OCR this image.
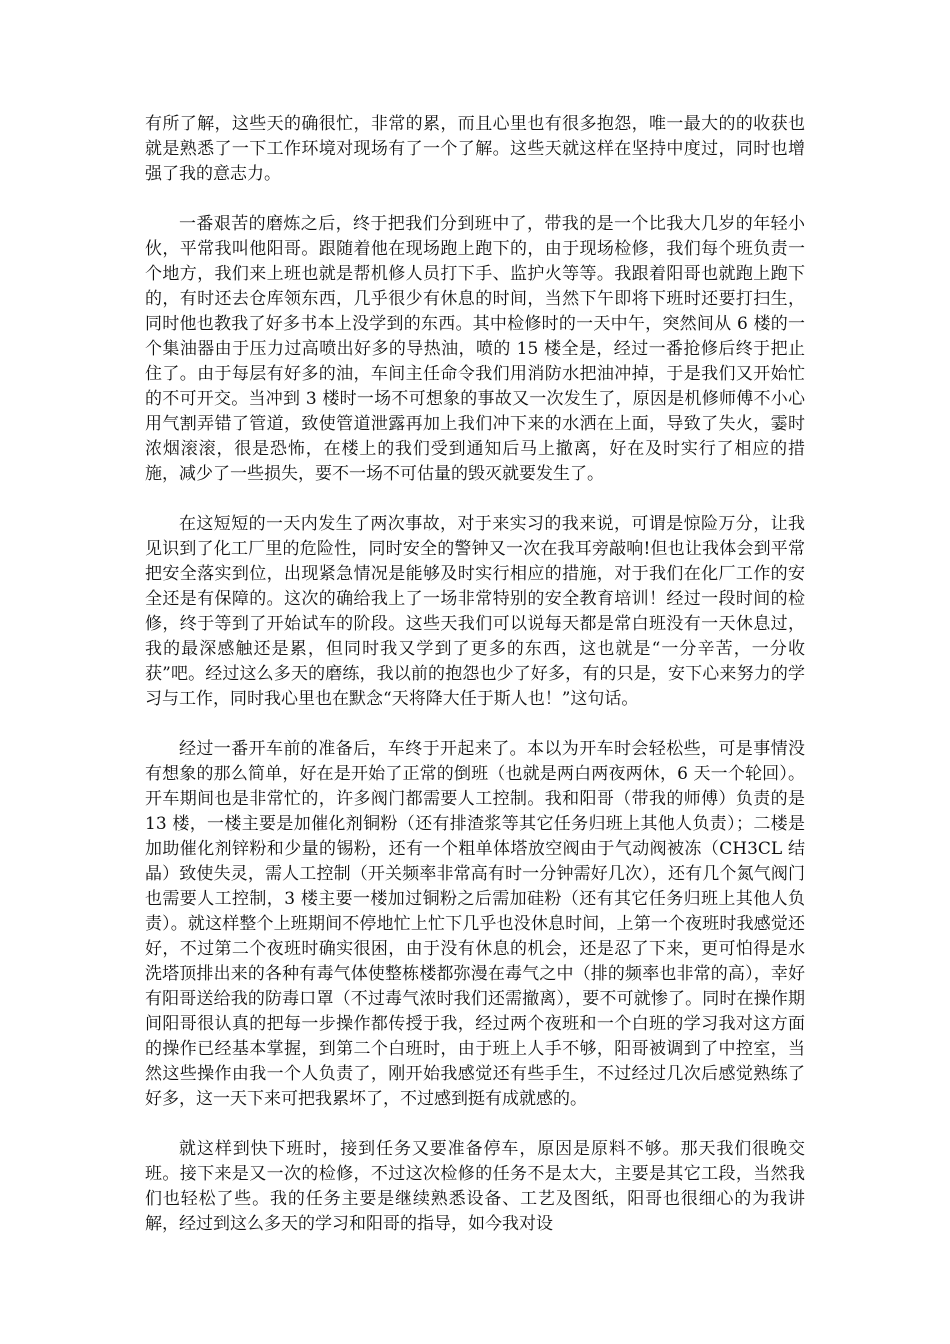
有所了解，这些天的确很忙，非常的累，而且心里也有很多抱怨，唯一最大的的收获也就是熟悉了一下工作环境对现场有了一个了解。这些天就这样在坚持中度过，同时也增强了我的意志力。

一番艰苦的磨炼之后，终于把我们分到班中了，带我的是一个比我大几岁的年轻小伙，平常我叫他阳哥。跟随着他在现场跑上跑下的，由于现场检修，我们每个班负责一个地方，我们来上班也就是帮机修人员打下手、监护火等等。我跟着阳哥也就跑上跑下的，有时还去仓库领东西，几乎很少有休息的时间，当然下午即将下班时还要打扫生，同时他也教我了好多书本上没学到的东西。其中检修时的一天中午，突然间从 6 楼的一个集油器由于压力过高喷出好多的导热油，喷的 15 楼全是，经过一番抢修后终于把止住了。由于每层有好多的油，车间主任命令我们用消防水把油冲掉，于是我们又开始忙的不可开交。当冲到 3 楼时一场不可想象的事故又一次发生了，原因是机修师傅不小心用气割弄错了管道，致使管道泄露再加上我们冲下来的水洒在上面，导致了失火，霎时浓烟滚滚，很是恐怖，在楼上的我们受到通知后马上撤离，好在及时实行了相应的措施，减少了一些损失，要不一场不可估量的毁灭就要发生了。

在这短短的一天内发生了两次事故，对于来实习的我来说，可谓是惊险万分，让我见识到了化工厂里的危险性，同时安全的警钟又一次在我耳旁敲响!但也让我体会到平常把安全落实到位，出现紧急情况是能够及时实行相应的措施，对于我们在化厂工作的安全还是有保障的。这次的确给我上了一场非常特别的安全教育培训！经过一段时间的检修，终于等到了开始试车的阶段。这些天我们可以说每天都是常白班没有一天休息过，我的最深感触还是累，但同时我又学到了更多的东西，这也就是“一分辛苦，一分收获”吧。经过这么多天的磨练，我以前的抱怨也少了好多，有的只是，安下心来努力的学习与工作，同时我心里也在默念“天将降大任于斯人也！”这句话。

经过一番开车前的准备后，车终于开起来了。本以为开车时会轻松些，可是事情没有想象的那么简单，好在是开始了正常的倒班（也就是两白两夜两休，6 天一个轮回）。开车期间也是非常忙的，许多阀门都需要人工控制。我和阳哥（带我的师傅）负责的是 13 楼，一楼主要是加催化剂铜粉（还有排渣浆等其它任务归班上其他人负责）；二楼是加助催化剂锌粉和少量的锡粉，还有一个粗单体塔放空阀由于气动阀被冻（CH3CL 结晶）致使失灵，需人工控制（开关频率非常高有时一分钟需好几次），还有几个氮气阀门也需要人工控制，3 楼主要一楼加过铜粉之后需加硅粉（还有其它任务归班上其他人负责）。就这样整个上班期间不停地忙上忙下几乎也没休息时间，上第一个夜班时我感觉还好，不过第二个夜班时确实很困，由于没有休息的机会，还是忍了下来，更可怕得是水洗塔顶排出来的各种有毒气体使整栋楼都弥漫在毒气之中（排的频率也非常的高），幸好有阳哥送给我的防毒口罩（不过毒气浓时我们还需撤离），要不可就惨了。同时在操作期间阳哥很认真的把每一步操作都传授于我，经过两个夜班和一个白班的学习我对这方面的操作已经基本掌握，到第二个白班时，由于班上人手不够，阳哥被调到了中控室，当然这些操作由我一个人负责了，刚开始我感觉还有些手生，不过经过几次后感觉熟练了好多，这一天下来可把我累坏了，不过感到挺有成就感的。

就这样到快下班时，接到任务又要准备停车，原因是原料不够。那天我们很晚交班。接下来是又一次的检修，不过这次检修的任务不是太大，主要是其它工段，当然我们也轻松了些。我的任务主要是继续熟悉设备、工艺及图纸，阳哥也很细心的为我讲解，经过到这么多天的学习和阳哥的指导，如今我对设
